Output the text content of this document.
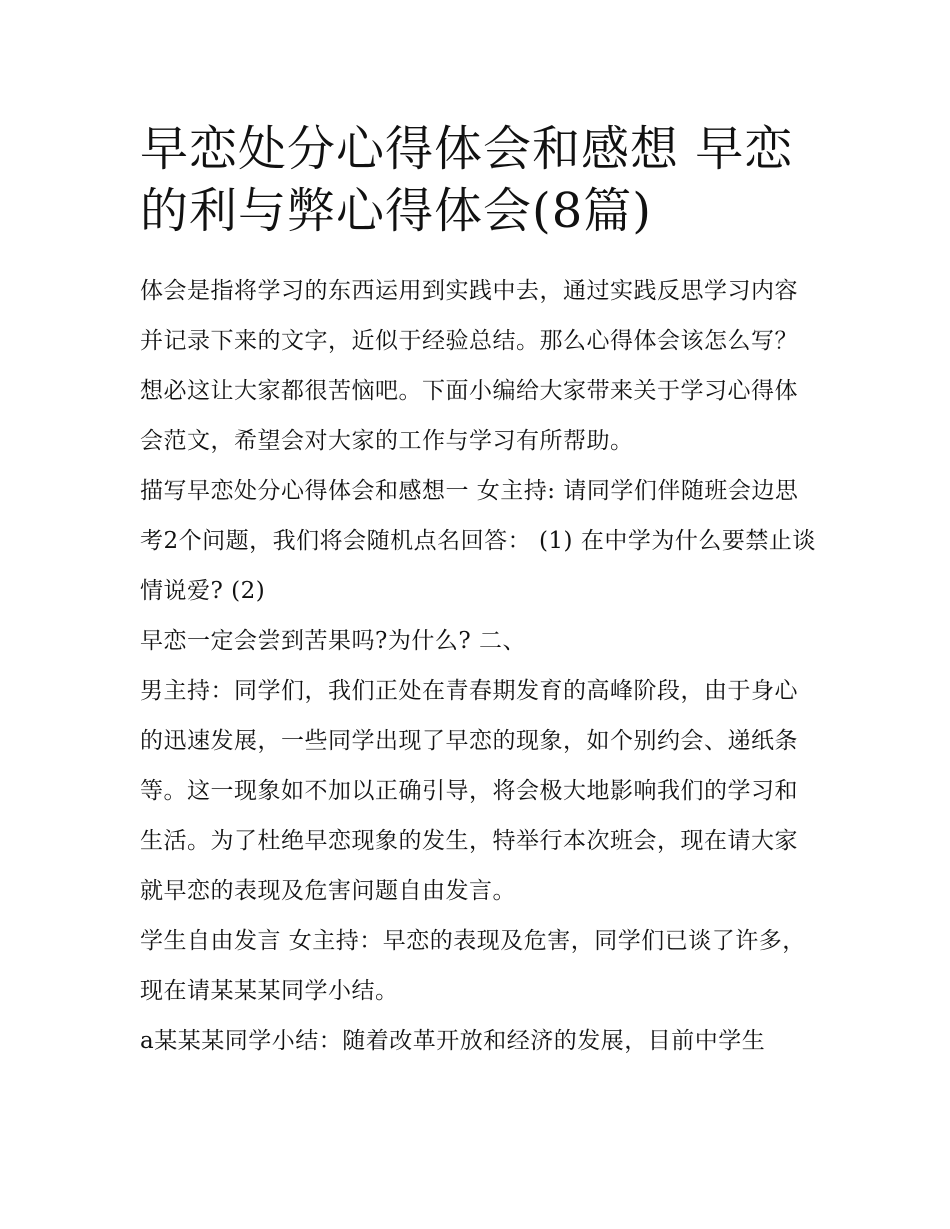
早恋处分心得体会和感想 早恋的利与弊心得体会(8篇)

体会是指将学习的东西运用到实践中去，通过实践反思学习内容并记录下来的文字，近似于经验总结。那么心得体会该怎么写？想必这让大家都很苦恼吧。下面小编给大家带来关于学习心得体会范文，希望会对大家的工作与学习有所帮助。

描写早恋处分心得体会和感想一 女主持: 请同学们伴随班会边思考2个问题，我们将会随机点名回答： (1) 在中学为什么要禁止谈情说爱? (2)

早恋一定会尝到苦果吗?为什么? 二、

男主持：同学们，我们正处在青春期发育的高峰阶段，由于身心的迅速发展，一些同学出现了早恋的现象，如个别约会、递纸条等。这一现象如不加以正确引导，将会极大地影响我们的学习和生活。为了杜绝早恋现象的发生，特举行本次班会，现在请大家就早恋的表现及危害问题自由发言。

学生自由发言 女主持：早恋的表现及危害，同学们已谈了许多，现在请某某某同学小结。

a某某某同学小结：随着改革开放和经济的发展，目前中学生
